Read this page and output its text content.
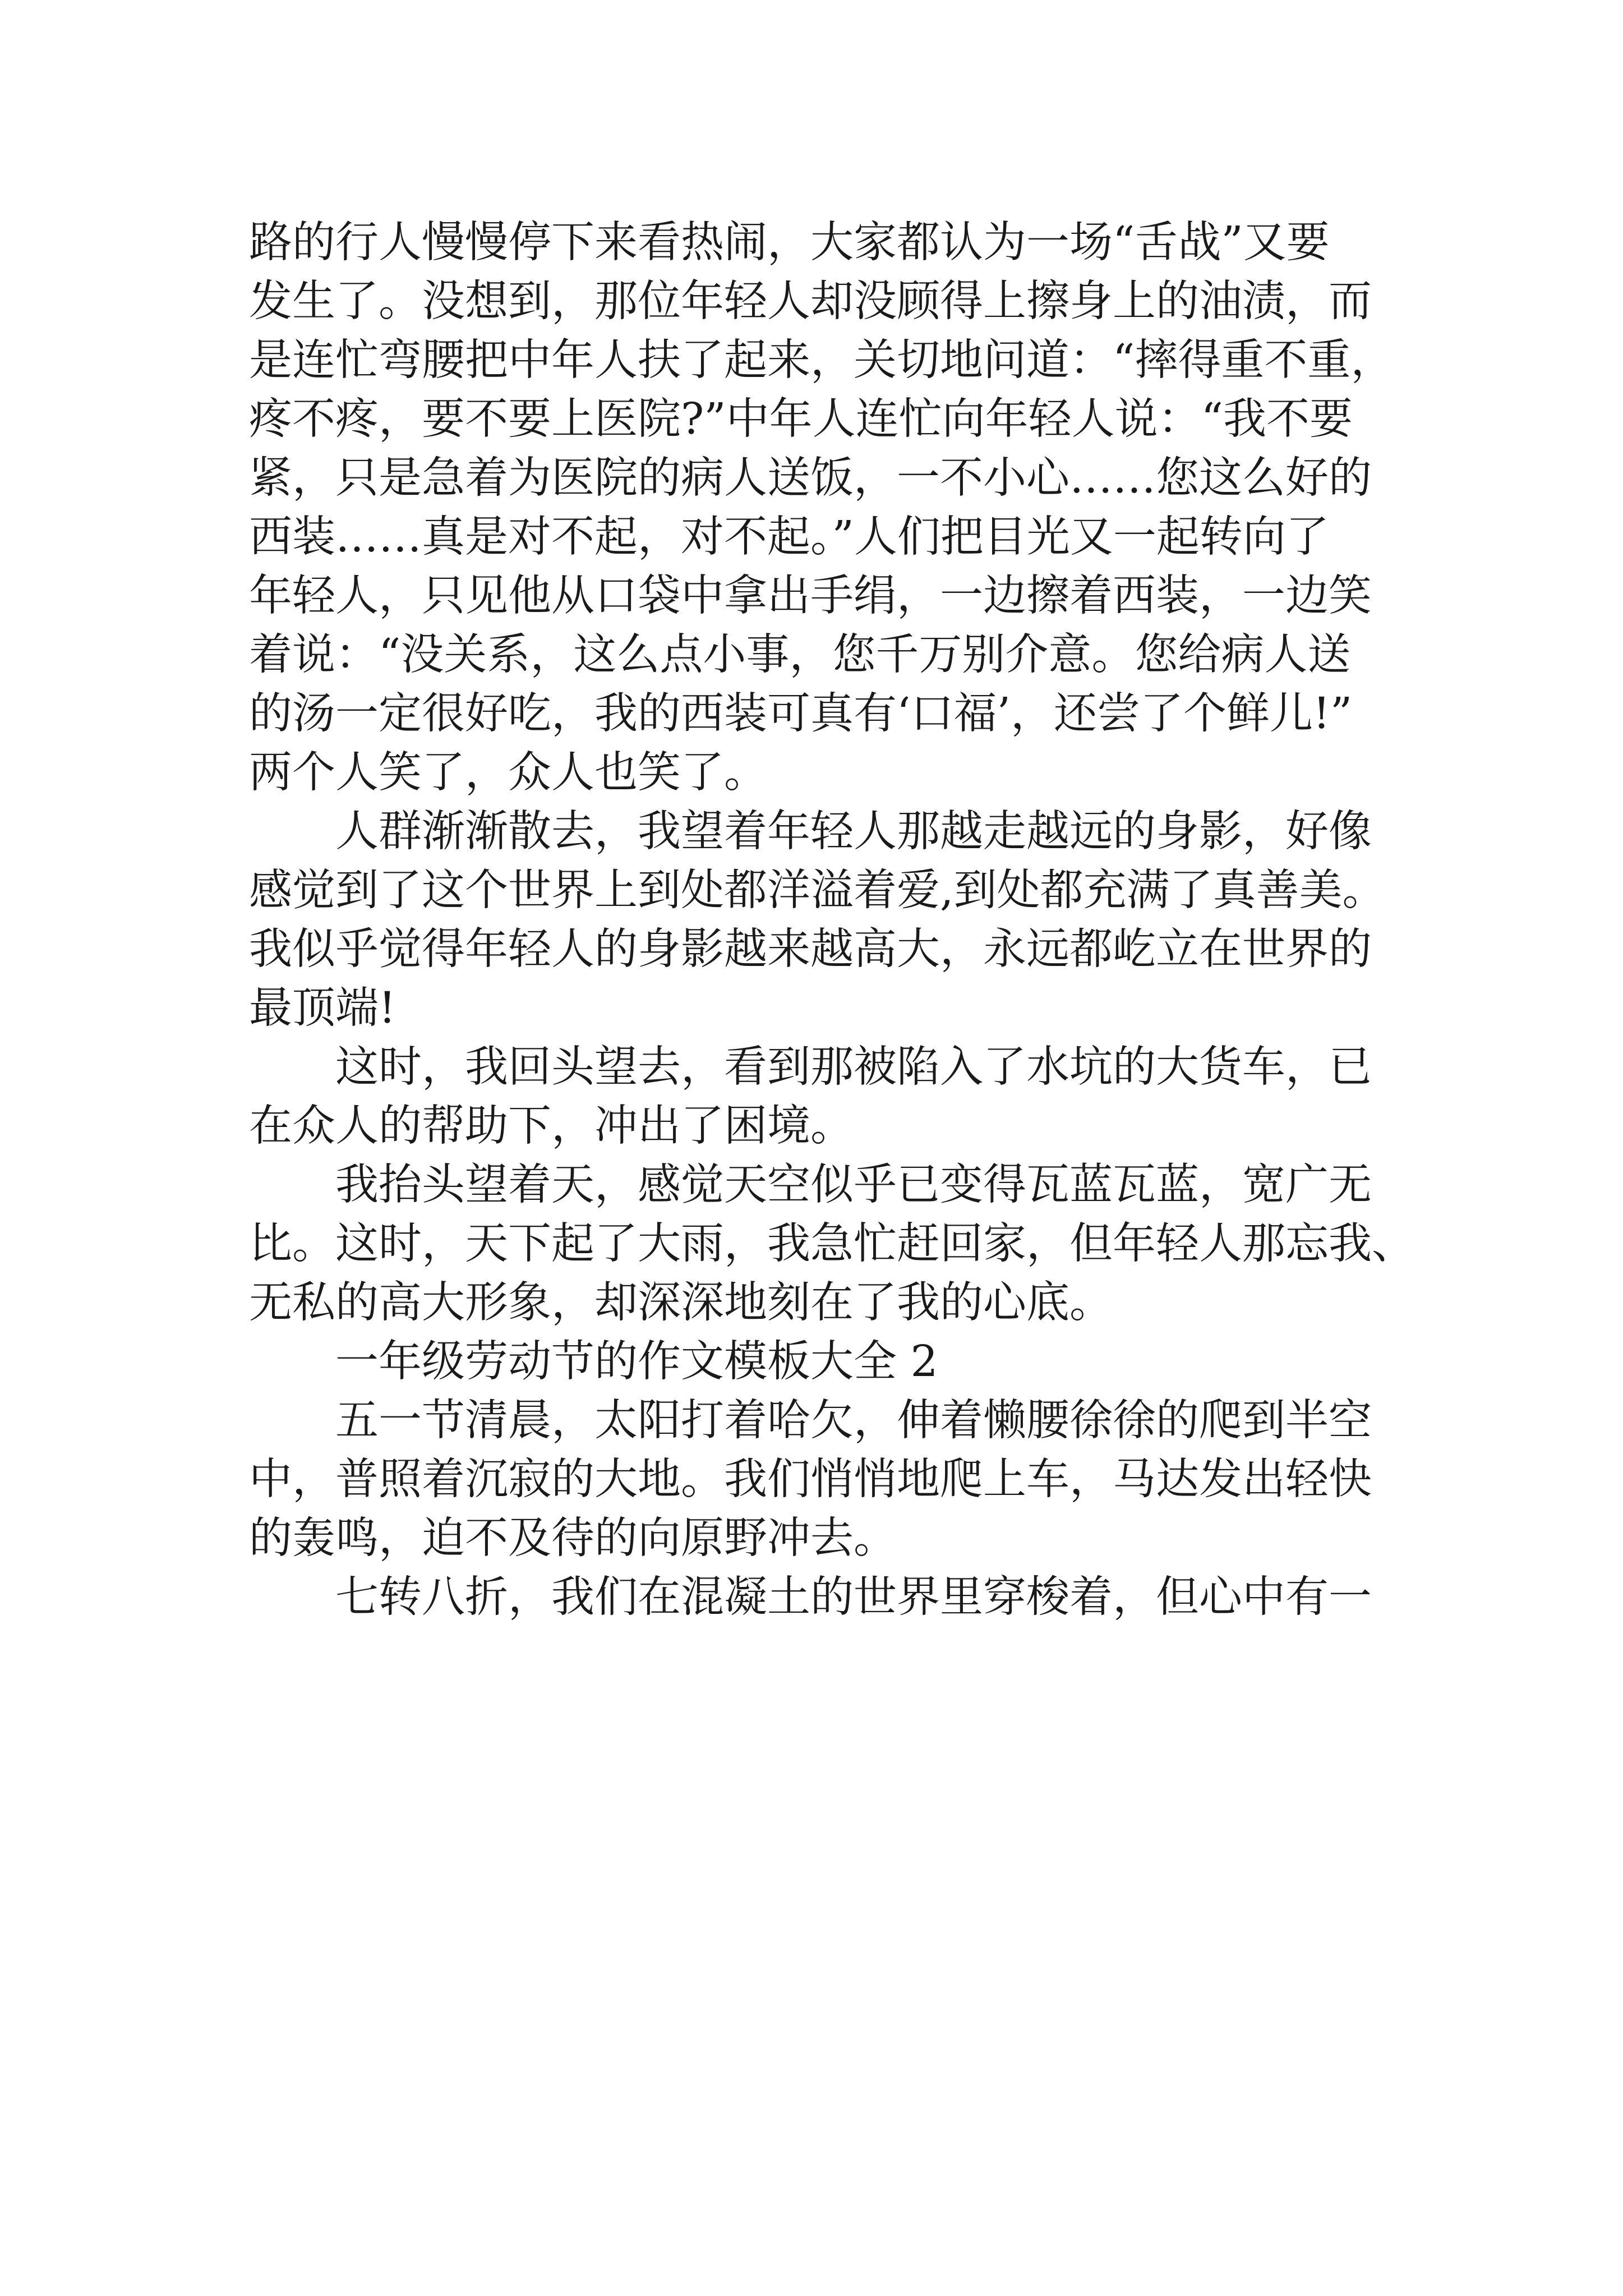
路的行人慢慢停下来看热闹，大家都认为一场“舌战”又要
发生了。没想到，那位年轻人却没顾得上擦身上的油渍，而
是连忙弯腰把中年人扶了起来，关切地问道：“摔得重不重，
疼不疼，要不要上医院?”中年人连忙向年轻人说：“我不要
紧，只是急着为医院的病人送饭，一不小心……您这么好的
西装……真是对不起，对不起。”人们把目光又一起转向了
年轻人，只见他从口袋中拿出手绢，一边擦着西装，一边笑
着说：“没关系，这么点小事，您千万别介意。您给病人送
的汤一定很好吃，我的西装可真有‘口福’，还尝了个鲜儿!”
两个人笑了，众人也笑了。
人群渐渐散去，我望着年轻人那越走越远的身影，好像
感觉到了这个世界上到处都洋溢着爱,到处都充满了真善美。
我似乎觉得年轻人的身影越来越高大，永远都屹立在世界的
最顶端!
这时，我回头望去，看到那被陷入了水坑的大货车，已
在众人的帮助下，冲出了困境。
我抬头望着天，感觉天空似乎已变得瓦蓝瓦蓝，宽广无
比。这时，天下起了大雨，我急忙赶回家，但年轻人那忘我、
无私的高大形象，却深深地刻在了我的心底。
一年级劳动节的作文模板大全 2
五一节清晨，太阳打着哈欠，伸着懒腰徐徐的爬到半空
中，普照着沉寂的大地。我们悄悄地爬上车，马达发出轻快
的轰鸣，迫不及待的向原野冲去。
七转八折，我们在混凝土的世界里穿梭着，但心中有一
